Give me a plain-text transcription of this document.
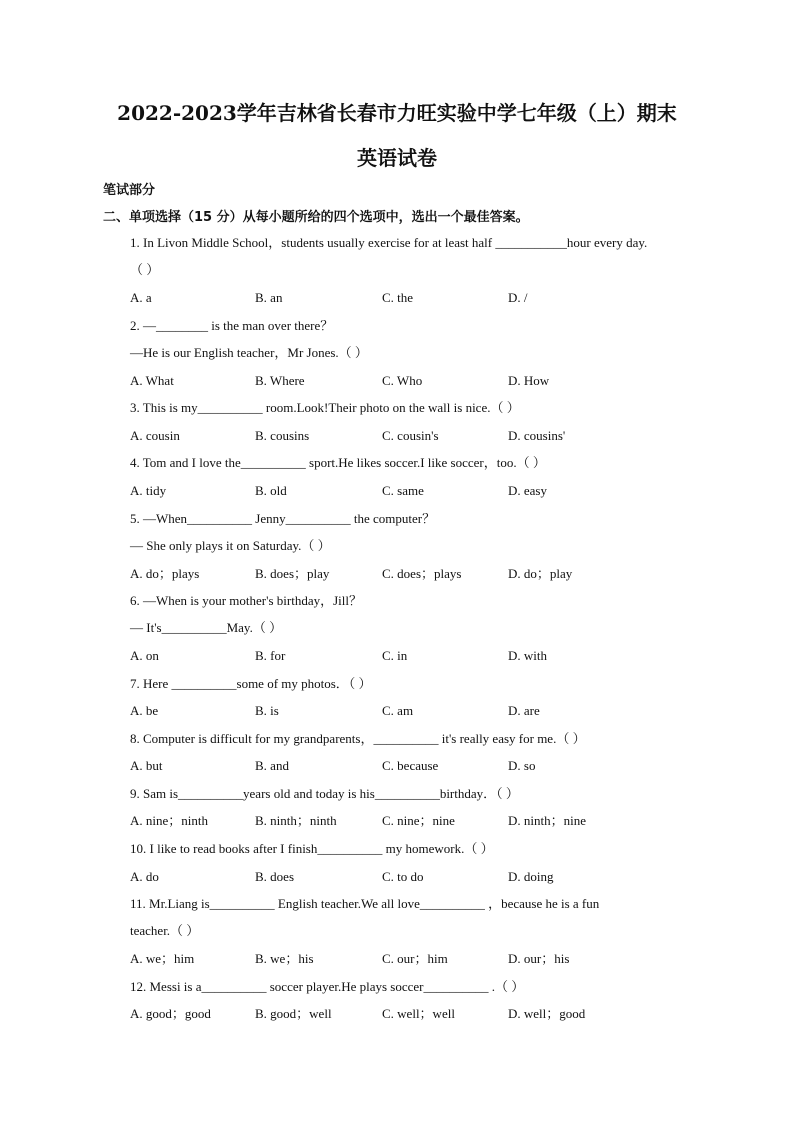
2022-2023学年吉林省长春市力旺实验中学七年级（上）期末
英语试卷
笔试部分
二、单项选择（15 分）从每小题所给的四个选项中，选出一个最佳答案。
1. In Livon Middle School，students usually exercise for at least half ___________hour every day.
（ ）
A. a	B. an	C. the	D. /
2. —________ is the man over there？
—He is our English teacher，Mr Jones.（ ）
A. What	B. Where	C. Who	D. How
3. This is my__________ room.Look!Their photo on the wall is nice.（ ）
A. cousin	B. cousins	C. cousin's	D. cousins'
4. Tom and I love the__________ sport.He likes soccer.I like soccer，too.（ ）
A. tidy	B. old	C. same	D. easy
5. —When__________ Jenny__________ the computer？
— She only plays it on Saturday.（ ）
A. do；plays	B. does；play	C. does；plays	D. do；play
6. —When is your mother's birthday，Jill？
— It's__________May.（ ）
A. on	B. for	C. in	D. with
7. Here __________some of my photos．（ ）
A. be	B. is	C. am	D. are
8. Computer is difficult for my grandparents，__________ it's really easy for me.（ ）
A. but	B. and	C. because	D. so
9. Sam is__________years old and today is his__________birthday．（ ）
A. nine；ninth	B. ninth；ninth	C. nine；nine	D. ninth；nine
10. I like to read books after I finish__________ my homework.（ ）
A. do	B. does	C. to do	D. doing
11. Mr.Liang is__________ English teacher.We all love__________ ，because he is a fun
teacher.（ ）
A. we；him	B. we；his	C. our；him	D. our；his
12. Messi is a__________ soccer player.He plays soccer__________ .（ ）
A. good；good	B. good；well	C. well；well	D. well；good
